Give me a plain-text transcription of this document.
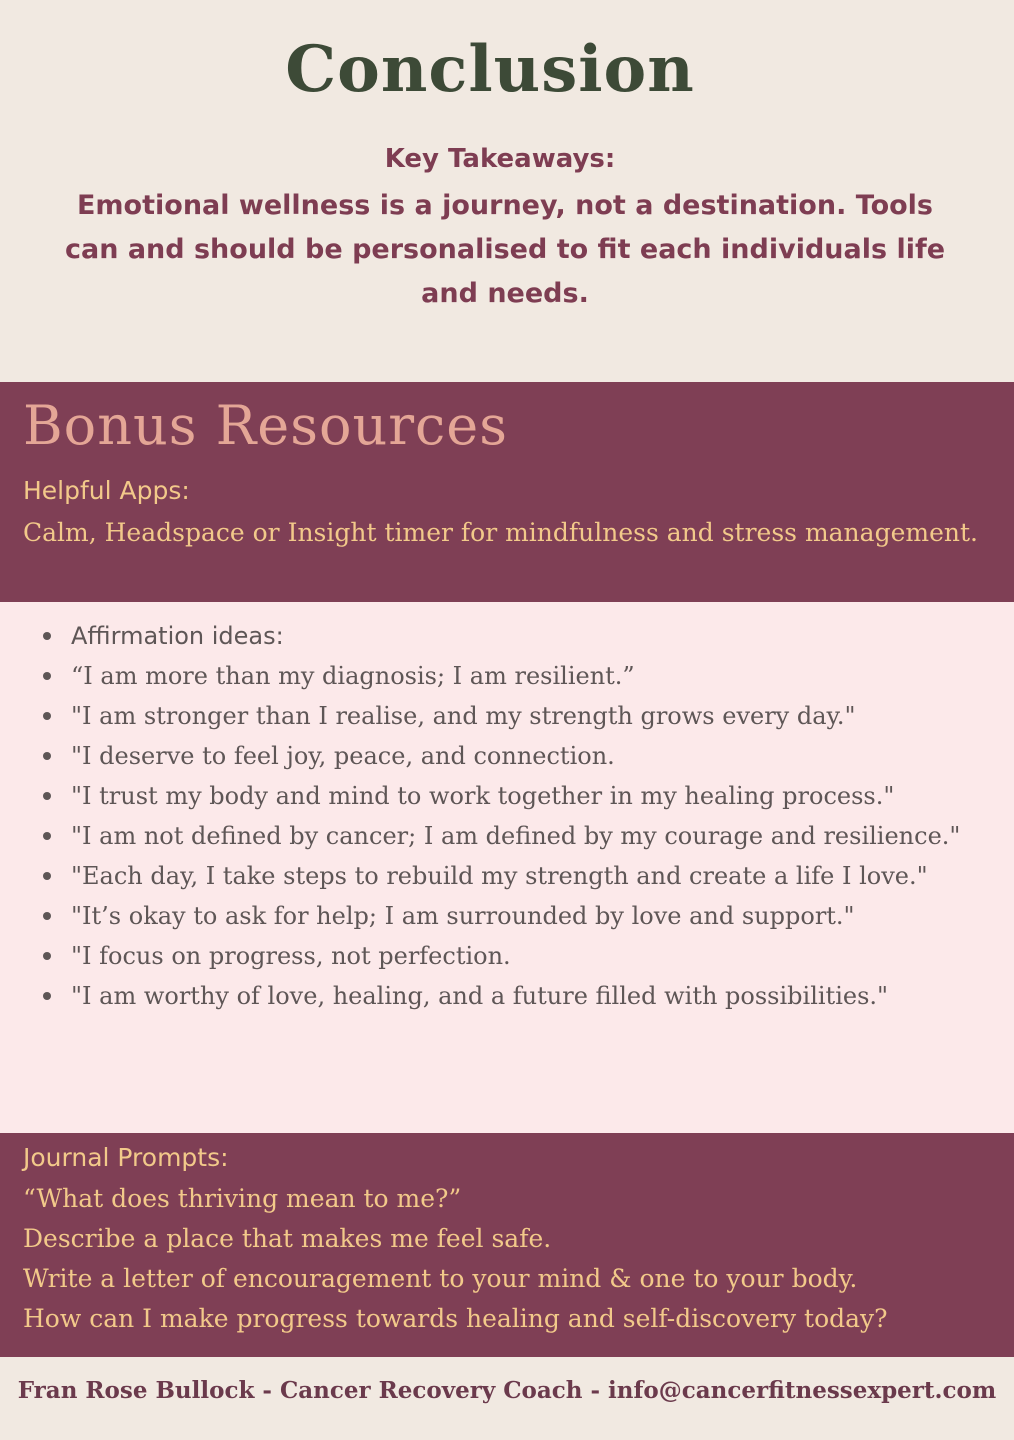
Conclusion
Key Takeaways:
Emotional wellness is a journey, not a destination. Tools can and should be personalised to fit each individuals life and needs.
Bonus Resources
Helpful Apps:
Calm, Headspace or Insight timer for mindfulness and stress management.
Affirmation ideas:
“I am more than my diagnosis; I am resilient.”
"I am stronger than I realise, and my strength grows every day."
"I deserve to feel joy, peace, and connection.
"I trust my body and mind to work together in my healing process."
"I am not defined by cancer; I am defined by my courage and resilience."
"Each day, I take steps to rebuild my strength and create a life I love."
"It’s okay to ask for help; I am surrounded by love and support."
"I focus on progress, not perfection.
"I am worthy of love, healing, and a future filled with possibilities."
Journal Prompts:
“What does thriving mean to me?”
Describe a place that makes me feel safe.
Write a letter of encouragement to your mind & one to your body.
How can I make progress towards healing and self-discovery today?
Fran Rose Bullock - Cancer Recovery Coach - info@cancerfitnessexpert.com
